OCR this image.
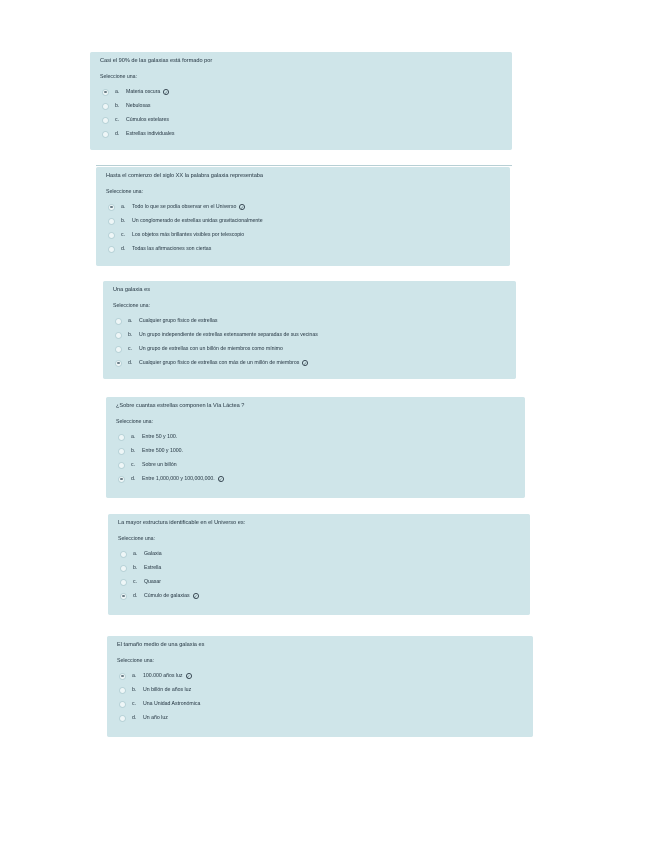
Casi el 90% de las galaxias está formado por
Seleccione una:
a.	Materia oscura ✓
b.	Nebulosas
c.	Cúmulos estelares
d.	Estrellas individuales
Hasta el comienzo del siglo XX la palabra galaxia representaba
Seleccione una:
a.	Todo lo que se podía observar en el Universo ✓
b.	Un conglomerado de estrellas unidas gravitacionalmente
c.	Los objetos más brillantes visibles por telescopio
d.	Todas las afirmaciones son ciertas
Una galaxia es
Seleccione una:
a.	Cualquier grupo físico de estrellas
b.	Un grupo independiente de estrellas extensamente separadas de sus vecinas
c.	Un grupo de estrellas con un billón de miembros como mínimo
d.	Cualquier grupo físico de estrellas con más de un millón de miembros ✓
¿Sobre cuantas estrellas componen la Vía Láctea ?
Seleccione una:
a.	Entre 50 y 100.
b.	Entre 500 y 1000.
c.	Sobre un billón
d.	Entre 1,000,000 y 100,000,000. ✓
La mayor estructura identificable en el Universo es:
Seleccione una:
a.	Galaxia
b.	Estrella
c.	Quasar
d.	Cúmulo de galaxias ✓
El tamaño medio de una galaxia es
Seleccione una:
a.	100.000 años luz ✓
b.	Un billón de años luz
c.	Una Unidad Astronómica
d.	Un año luz
